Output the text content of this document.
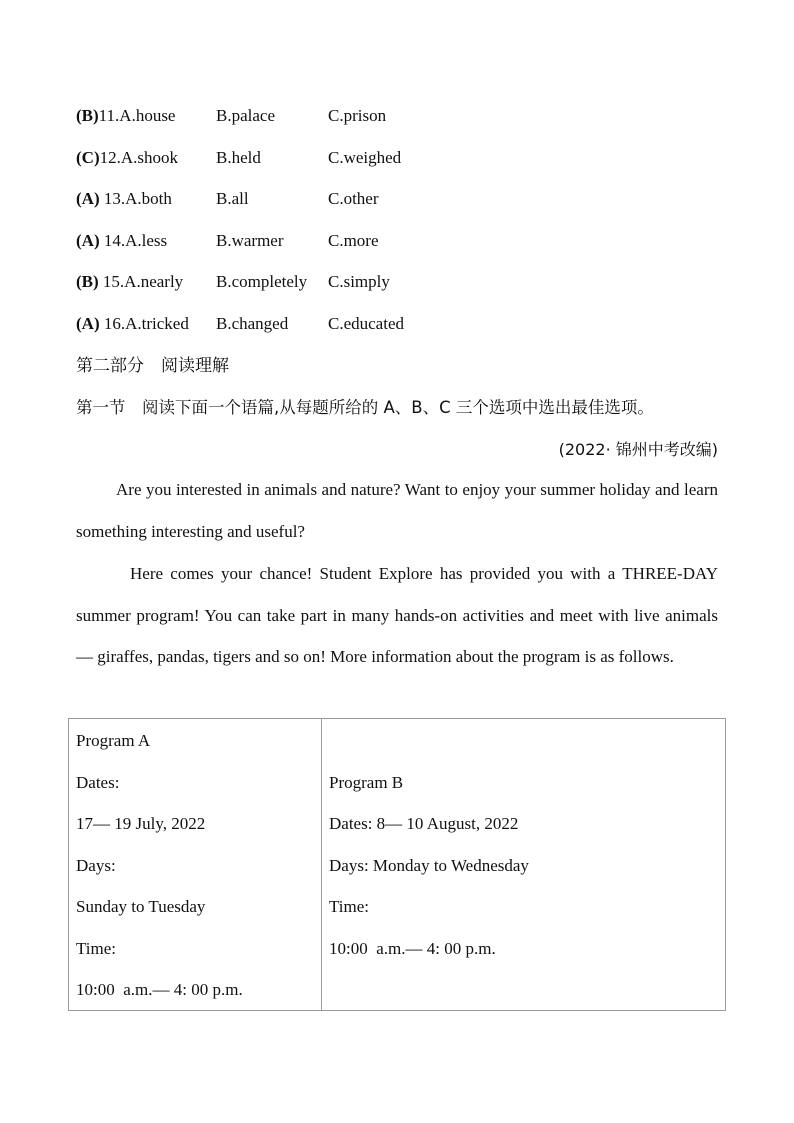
(B)11.A.house B.palace	C.prison
(C)12.A.shook B.held	C.weighed
(A) 13.A.both	B.all	C.other
(A) 14.A.less	B.warmer	C.more
(B) 15.A.nearly B.completely C.simply
(A) 16.A.tricked B.changed C.educated
第二部分　阅读理解
第一节　阅读下面一个语篇,从每题所给的 A、B、C 三个选项中选出最佳选项。
(2022· 锦州中考改编)
Are you interested in animals and nature? Want to enjoy your summer holiday and learn something interesting and useful?
Here comes your chance! Student Explore has provided you with a THREE-DAY summer program! You can take part in many hands-on activities and meet with live animals — giraffes, pandas, tigers and so on! More information about the program is as follows.
Program A
Dates:
17— 19 July, 2022
Days:
Sunday to Tuesday
Time:
10:00  a.m.— 4: 00 p.m.

Program B
Dates: 8— 10 August, 2022
Days: Monday to Wednesday
Time:
10:00  a.m.— 4: 00 p.m.
